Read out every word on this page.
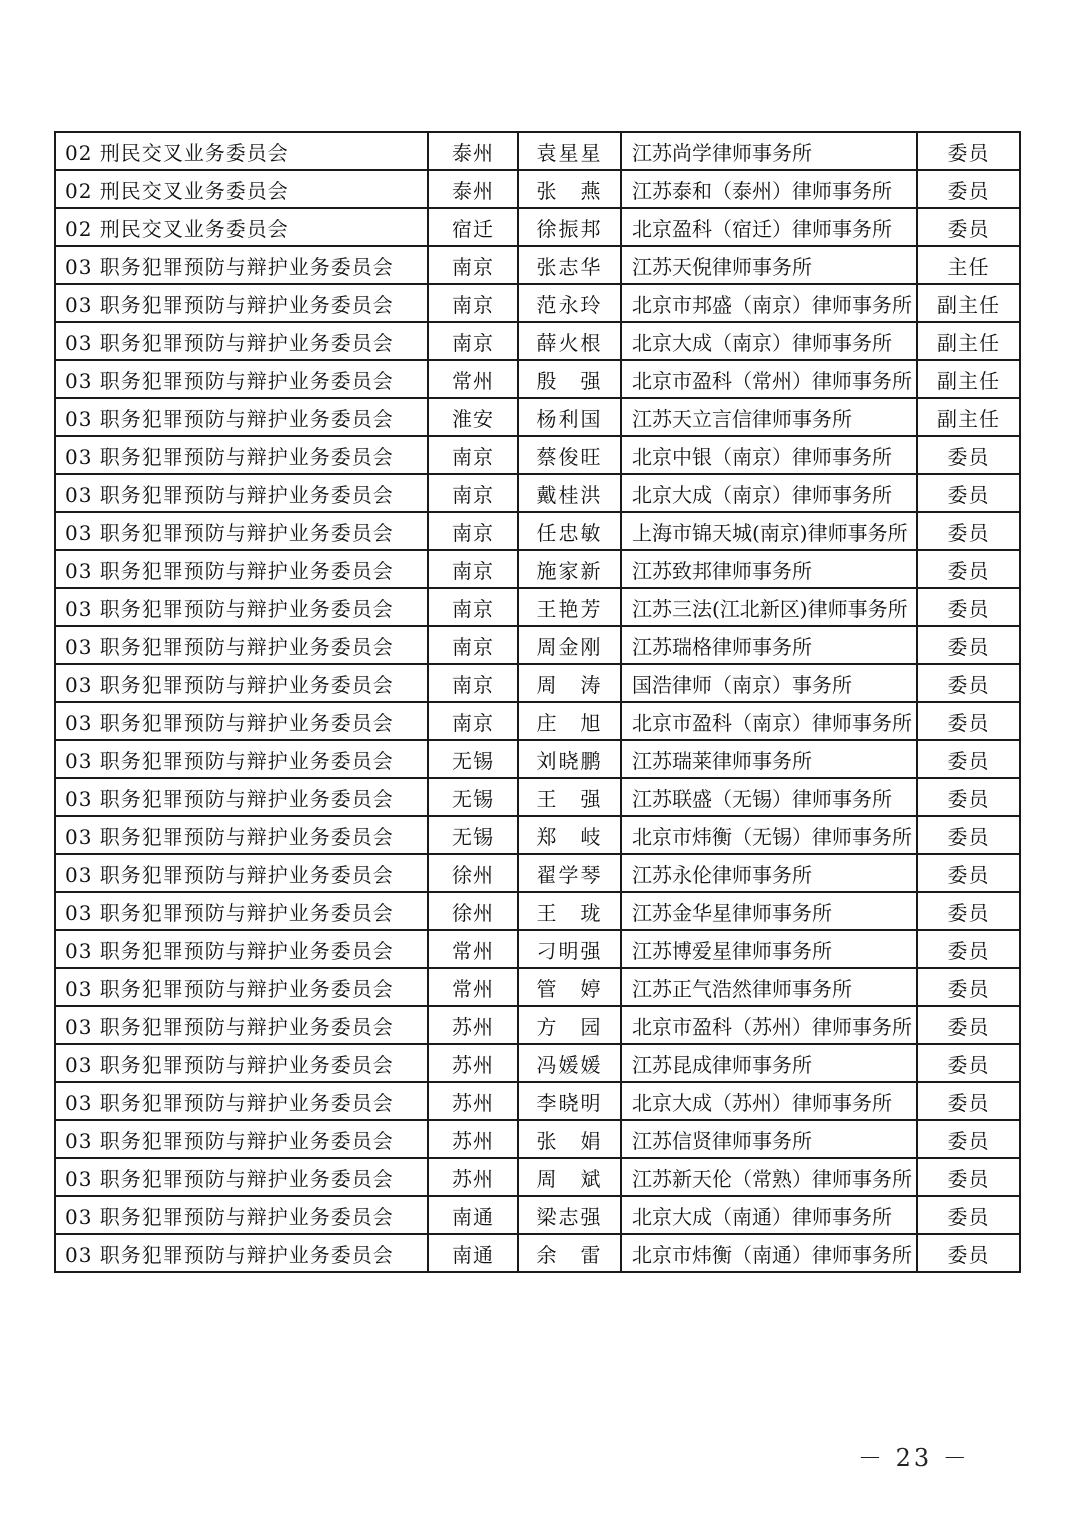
02 刑民交叉业务委员会	泰州	袁星星	江苏尚学律师事务所	委员
02 刑民交叉业务委员会	泰州	张　燕	江苏泰和（泰州）律师事务所	委员
02 刑民交叉业务委员会	宿迁	徐振邦	北京盈科（宿迁）律师事务所	委员
03 职务犯罪预防与辩护业务委员会	南京	张志华	江苏天倪律师事务所	主任
03 职务犯罪预防与辩护业务委员会	南京	范永玲	北京市邦盛（南京）律师事务所	副主任
03 职务犯罪预防与辩护业务委员会	南京	薛火根	北京大成（南京）律师事务所	副主任
03 职务犯罪预防与辩护业务委员会	常州	殷　强	北京市盈科（常州）律师事务所	副主任
03 职务犯罪预防与辩护业务委员会	淮安	杨利国	江苏天立言信律师事务所	副主任
03 职务犯罪预防与辩护业务委员会	南京	蔡俊旺	北京中银（南京）律师事务所	委员
03 职务犯罪预防与辩护业务委员会	南京	戴桂洪	北京大成（南京）律师事务所	委员
03 职务犯罪预防与辩护业务委员会	南京	任忠敏	上海市锦天城(南京)律师事务所	委员
03 职务犯罪预防与辩护业务委员会	南京	施家新	江苏致邦律师事务所	委员
03 职务犯罪预防与辩护业务委员会	南京	王艳芳	江苏三法(江北新区)律师事务所	委员
03 职务犯罪预防与辩护业务委员会	南京	周金刚	江苏瑞格律师事务所	委员
03 职务犯罪预防与辩护业务委员会	南京	周　涛	国浩律师（南京）事务所	委员
03 职务犯罪预防与辩护业务委员会	南京	庄　旭	北京市盈科（南京）律师事务所	委员
03 职务犯罪预防与辩护业务委员会	无锡	刘晓鹏	江苏瑞莱律师事务所	委员
03 职务犯罪预防与辩护业务委员会	无锡	王　强	江苏联盛（无锡）律师事务所	委员
03 职务犯罪预防与辩护业务委员会	无锡	郑　岐	北京市炜衡（无锡）律师事务所	委员
03 职务犯罪预防与辩护业务委员会	徐州	翟学琴	江苏永伦律师事务所	委员
03 职务犯罪预防与辩护业务委员会	徐州	王　珑	江苏金华星律师事务所	委员
03 职务犯罪预防与辩护业务委员会	常州	刁明强	江苏博爱星律师事务所	委员
03 职务犯罪预防与辩护业务委员会	常州	管　婷	江苏正气浩然律师事务所	委员
03 职务犯罪预防与辩护业务委员会	苏州	方　园	北京市盈科（苏州）律师事务所	委员
03 职务犯罪预防与辩护业务委员会	苏州	冯媛媛	江苏昆成律师事务所	委员
03 职务犯罪预防与辩护业务委员会	苏州	李晓明	北京大成（苏州）律师事务所	委员
03 职务犯罪预防与辩护业务委员会	苏州	张　娟	江苏信贤律师事务所	委员
03 职务犯罪预防与辩护业务委员会	苏州	周　斌	江苏新天伦（常熟）律师事务所	委员
03 职务犯罪预防与辩护业务委员会	南通	梁志强	北京大成（南通）律师事务所	委员
03 职务犯罪预防与辩护业务委员会	南通	余　雷	北京市炜衡（南通）律师事务所	委员
－ 23 －
